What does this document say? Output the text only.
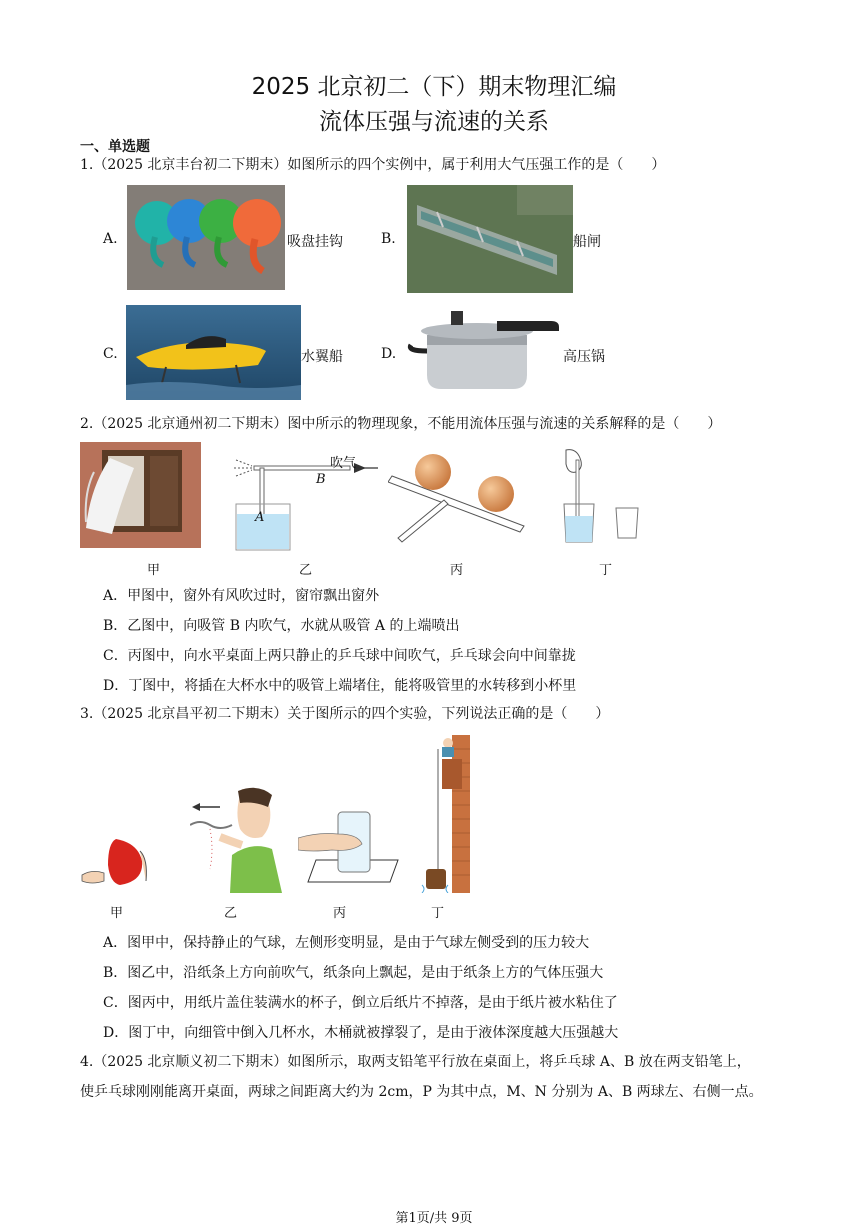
2025 北京初二（下）期末物理汇编
流体压强与流速的关系
一、单选题
1.（2025 北京丰台初二下期末）如图所示的四个实例中，属于利用大气压强工作的是（　　）
A.	吸盘挂钩	B.	船闸
C.	水翼船	D.	高压锅
2.（2025 北京通州初二下期末）图中所示的物理现象，不能用流体压强与流速的关系解释的是（　　）
吹气
B
A
甲	乙	丙	丁
A．甲图中，窗外有风吹过时，窗帘飘出窗外
B．乙图中，向吸管 B 内吹气，水就从吸管 A 的上端喷出
C．丙图中，向水平桌面上两只静止的乒乓球中间吹气，乒乓球会向中间靠拢
D．丁图中，将插在大杯水中的吸管上端堵住，能将吸管里的水转移到小杯里
3.（2025 北京昌平初二下期末）关于图所示的四个实验，下列说法正确的是（　　）
甲	乙	丙	丁
A．图甲中，保持静止的气球，左侧形变明显，是由于气球左侧受到的压力较大
B．图乙中，沿纸条上方向前吹气，纸条向上飘起，是由于纸条上方的气体压强大
C．图丙中，用纸片盖住装满水的杯子，倒立后纸片不掉落，是由于纸片被水粘住了
D．图丁中，向细管中倒入几杯水，木桶就被撑裂了，是由于液体深度越大压强越大
4.（2025 北京顺义初二下期末）如图所示，取两支铅笔平行放在桌面上，将乒乓球 A、B 放在两支铅笔上，
使乒乓球刚刚能离开桌面，两球之间距离大约为 2cm，P 为其中点，M、N 分别为 A、B 两球左、右侧一点。
第1页/共 9页
